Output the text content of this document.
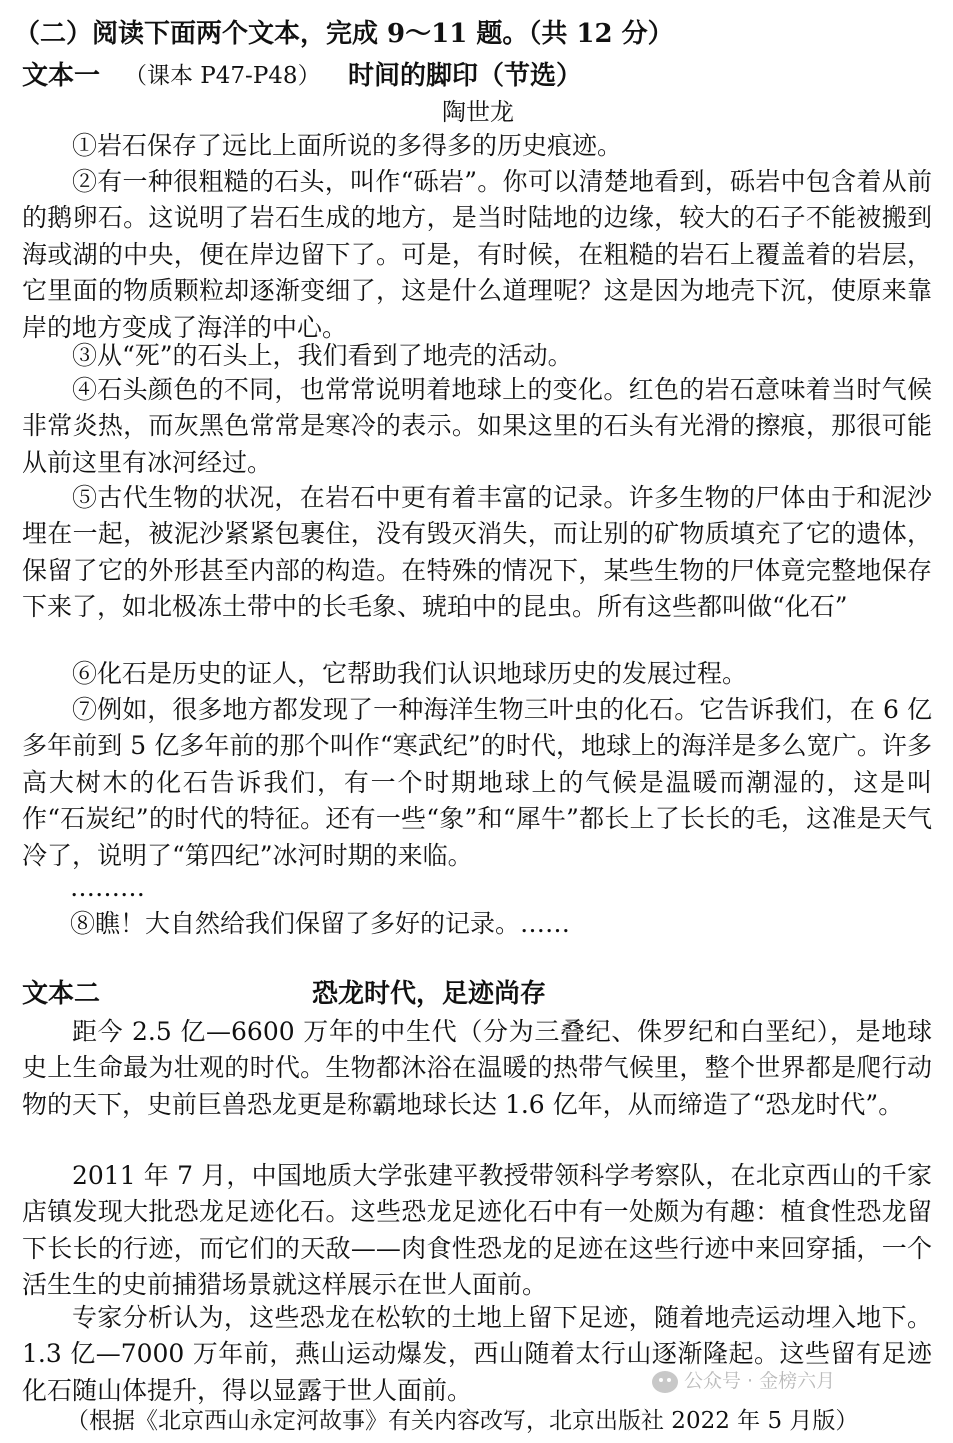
（二）阅读下面两个文本，完成 9～11 题。（共 12 分）
文本一 （课本 P47-P48） 时间的脚印（节选）
陶世龙
①岩石保存了远比上面所说的多得多的历史痕迹。
②有一种很粗糙的石头，叫作“砾岩”。你可以清楚地看到，砾岩中包含着从前的鹅卵石。这说明了岩石生成的地方，是当时陆地的边缘，较大的石子不能被搬到海或湖的中央，便在岸边留下了。可是，有时候，在粗糙的岩石上覆盖着的岩层，它里面的物质颗粒却逐渐变细了，这是什么道理呢？这是因为地壳下沉，使原来靠岸的地方变成了海洋的中心。
③从“死”的石头上，我们看到了地壳的活动。
④石头颜色的不同，也常常说明着地球上的变化。红色的岩石意味着当时气候非常炎热，而灰黑色常常是寒冷的表示。如果这里的石头有光滑的擦痕，那很可能从前这里有冰河经过。
⑤古代生物的状况，在岩石中更有着丰富的记录。许多生物的尸体由于和泥沙埋在一起，被泥沙紧紧包裹住，没有毁灭消失，而让别的矿物质填充了它的遗体，保留了它的外形甚至内部的构造。在特殊的情况下，某些生物的尸体竟完整地保存下来了，如北极冻土带中的长毛象、琥珀中的昆虫。所有这些都叫做“化石”
⑥化石是历史的证人，它帮助我们认识地球历史的发展过程。
⑦例如，很多地方都发现了一种海洋生物三叶虫的化石。它告诉我们，在 6 亿多年前到 5 亿多年前的那个叫作“寒武纪”的时代，地球上的海洋是多么宽广。许多高大树木的化石告诉我们，有一个时期地球上的气候是温暖而潮湿的，这是叫作“石炭纪”的时代的特征。还有一些“象”和“犀牛”都长上了长长的毛，这准是天气冷了，说明了“第四纪”冰河时期的来临。
………
⑧瞧！大自然给我们保留了多好的记录。……
文本二	恐龙时代，足迹尚存
距今 2.5 亿—6600 万年的中生代（分为三叠纪、侏罗纪和白垩纪），是地球史上生命最为壮观的时代。生物都沐浴在温暖的热带气候里，整个世界都是爬行动物的天下，史前巨兽恐龙更是称霸地球长达 1.6 亿年，从而缔造了“恐龙时代”。
2011 年 7 月，中国地质大学张建平教授带领科学考察队，在北京西山的千家店镇发现大批恐龙足迹化石。这些恐龙足迹化石中有一处颇为有趣：植食性恐龙留下长长的行迹，而它们的天敌——肉食性恐龙的足迹在这些行迹中来回穿插，一个活生生的史前捕猎场景就这样展示在世人面前。
专家分析认为，这些恐龙在松软的土地上留下足迹，随着地壳运动埋入地下。1.3 亿—7000 万年前，燕山运动爆发，西山随着太行山逐渐隆起。这些留有足迹化石随山体提升，得以显露于世人面前。
（根据《北京西山永定河故事》有关内容改写，北京出版社 2022 年 5 月版）
公众号 · 金榜六月
